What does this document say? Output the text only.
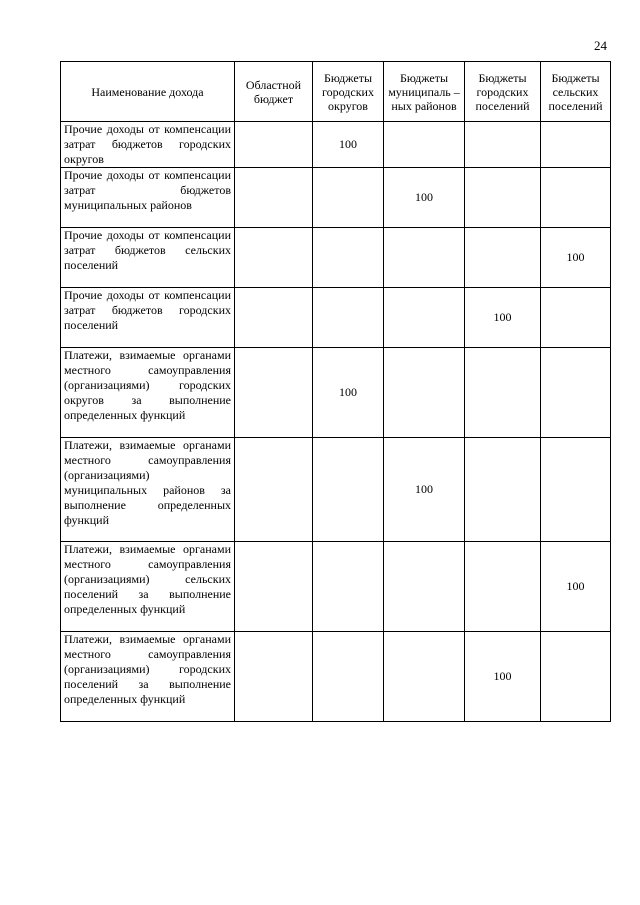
24
Наименование дохода	Областной бюджет	Бюджеты городских округов	Бюджеты муниципаль –ных районов	Бюджеты городских поселений	Бюджеты сельских поселений
Прочие доходы от компенсации затрат бюджетов городских округов		100			
Прочие доходы от компенсации затрат бюджетов муниципальных районов			100		
Прочие доходы от компенсации затрат бюджетов сельских поселений					100
Прочие доходы от компенсации затрат бюджетов городских поселений				100	
Платежи, взимаемые органами местного самоуправления (организациями) городских округов за выполнение определенных функций		100			
Платежи, взимаемые органами местного самоуправления (организациями) муниципальных районов за выполнение определенных функций			100		
Платежи, взимаемые органами местного самоуправления (организациями) сельских поселений за выполнение определенных функций					100
Платежи, взимаемые органами местного самоуправления (организациями) городских поселений за выполнение определенных функций				100	
